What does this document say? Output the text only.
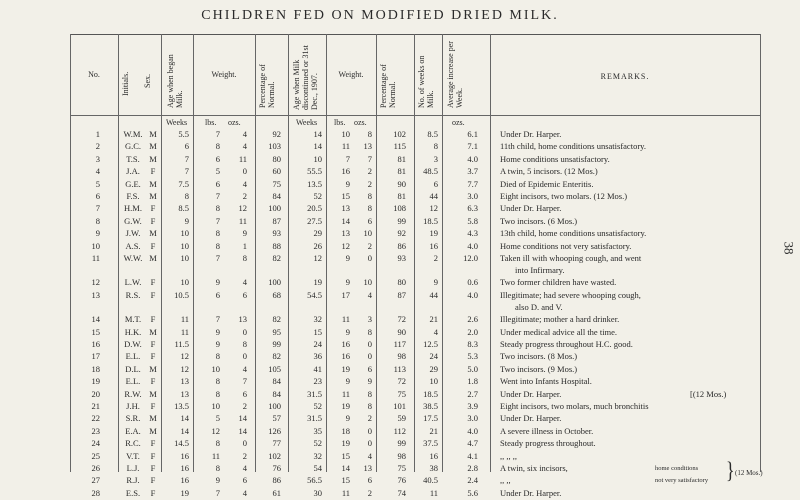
CHILDREN FED ON MODIFIED DRIED MILK.
38
No.	Initials. Sex. Age when began Milk.
Weight.	Percentage of Normal. Age when Milk discontinued or 31st Dec., 1907.	Weight.	Percentage of Normal.	No. of weeks on Milk. Average increase per Week.
REMARKS.
Weeks lbs. ozs.	Weeks lbs. ozs.	ozs.
1	W.M. M	5.5	7	4	92	14	10	8	102	8.5	6.1	Under Dr. Harper.
2	G.C. M	6	8	4	103	14	11	13	115	8	7.1	11th child, home conditions unsatisfactory.
3	T.S.	M	7	6	11	80	10	7	7	81	3	4.0	Home conditions unsatisfactory.
4	J.A.	F	7	5	0	60	55.5	16	2	81	48.5	3.7	A twin, 5 incisors. (12 Mos.)
5	G.E. M	7.5	6	4	75	13.5	9	2	90	6	7.7	Died of Epidemic Enteritis.
6	F.S.	M	8	7	2	84	52	15	8	81	44	3.0	Eight incisors, two molars. (12 Mos.)
7	H.M.	F	8.5	8	12	100	20.5	13	8	108	12	6.3	Under Dr. Harper.
8	G.W.	F	9	7	11	87	27.5	14	6	99	18.5	5.8	Two incisors. (6 Mos.)
9	J.W.	M	10	8	9	93	29	13	10	92	19	4.3	13th child, home conditions unsatisfactory.
10	A.S.	F	10	8	1	88	26	12	2	86	16	4.0	Home conditions not very satisfactory.
11	W.W. M	10	7	8	82	12	9	0	93	2	12.0	Taken ill with whooping cough, and went
into Infirmary.
12	L.W.	F	10	9	4	100	19	9	10	80	9	0.6	Two former children have wasted.
13	R.S.	F	10.5	6	6	68	54.5	17	4	87	44	4.0	Illegitimate; had severe whooping cough,
also D. and V.
14	M.T.	F	11	7	13	82	32	11	3	72	21	2.6	Illegitimate; mother a hard drinker.
15	H.K. M	11	9	0	95	15	9	8	90	4	2.0	Under medical advice all the time.
16	D.W.	F	11.5	9	8	99	24	16	0	117	12.5	8.3	Steady progress throughout H.C. good.
17	E.L.	F	12	8	0	82	36	16	0	98	24	5.3	Two incisors. (8 Mos.)
18	D.L. M	12	10	4	105	41	19	6	113	29	5.0	Two incisors. (9 Mos.)
19	E.L.	F	13	8	7	84	23	9	9	72	10	1.8	Went into Infants Hospital.
20	R.W. M	13	8	6	84	31.5	11	8	75	18.5	2.7	Under Dr. Harper.	[(12 Mos.)
21	J.H.	F	13.5	10	2	100	52	19	8	101	38.5	3.9	Eight incisors, two molars, much bronchitis
22	S.R.	M	14	5	14	57	31.5	9	2	59	17.5	3.0	Under Dr. Harper.
23	E.A. M	14	12	14	126	35	18	0	112	21	4.0	A severe illness in October.
24	R.C.	F	14.5	8	0	77	52	19	0	99	37.5	4.7	Steady progress throughout.
25	V.T.	F	16	11	2	102	32	15	4	98	16	4.1	,, ,, ,,
26	L.J.	F	16	8	4	76	54	14	13	75	38	2.8	A twin, six incisors,	home conditions
27	R.J.	F	16	9	6	86	56.5	15	6	76	40.5	2.4	,, ,,	not very satisfactory
28	E.S.	F	19	7	4	61	30	11	2	74	11	5.6	Under Dr. Harper.
} (12 Mos.)
